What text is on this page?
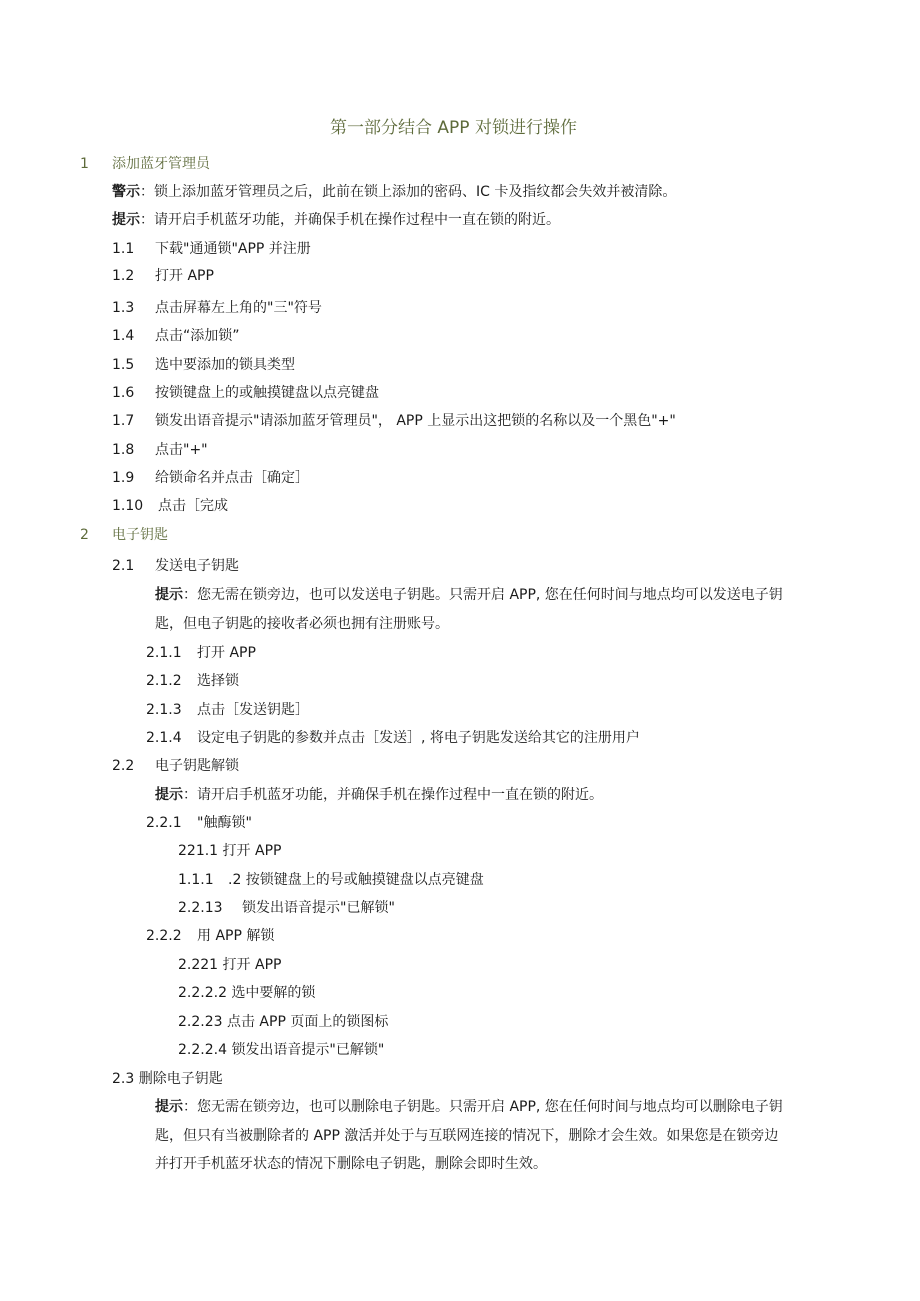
第一部分结合 APP 对锁进行操作
1 添加蓝牙管理员
警示：锁上添加蓝牙管理员之后，此前在锁上添加的密码、IC 卡及指纹都会失效并被清除。
提示：请开启手机蓝牙功能，并确保手机在操作过程中一直在锁的附近。
1.1 下载"通通锁"APP 并注册
1.2 打开 APP
1.3 点击屏幕左上角的"三"符号
1.4 点击“添加锁”
1.5 选中要添加的锁具类型
1.6 按锁键盘上的或触摸键盘以点亮键盘
1.7 锁发出语音提示"请添加蓝牙管理员"， APP 上显示出这把锁的名称以及一个黑色"+"
1.8 点击"+"
1.9 给锁命名并点击［确定］
1.10 点击［完成
2 电子钥匙
2.1 发送电子钥匙
提示：您无需在锁旁边，也可以发送电子钥匙。只需开启 APP, 您在任何时间与地点均可以发送电子钥
匙，但电子钥匙的接收者必须也拥有注册账号。
2.1.1 打开 APP
2.1.2 选择锁
2.1.3 点击［发送钥匙］
2.1.4 设定电子钥匙的参数并点击［发送］, 将电子钥匙发送给其它的注册用户
2.2 电子钥匙解锁
提示：请开启手机蓝牙功能，并确保手机在操作过程中一直在锁的附近。
2.2.1 "触酶锁"
221.1 打开 APP
1.1.1 .2 按锁键盘上的号或触摸键盘以点亮键盘
2.2.13 锁发出语音提示"已解锁"
2.2.2 用 APP 解锁
2.221 打开 APP
2.2.2.2 选中要解的锁
2.2.23 点击 APP 页面上的锁图标
2.2.2.4 锁发出语音提示"已解锁"
2.3 删除电子钥匙
提示：您无需在锁旁边，也可以删除电子钥匙。只需开启 APP, 您在任何时间与地点均可以删除电子钥
匙，但只有当被删除者的 APP 激活并处于与互联网连接的情况下，删除才会生效。如果您是在锁旁边
并打开手机蓝牙状态的情况下删除电子钥匙，删除会即时生效。
